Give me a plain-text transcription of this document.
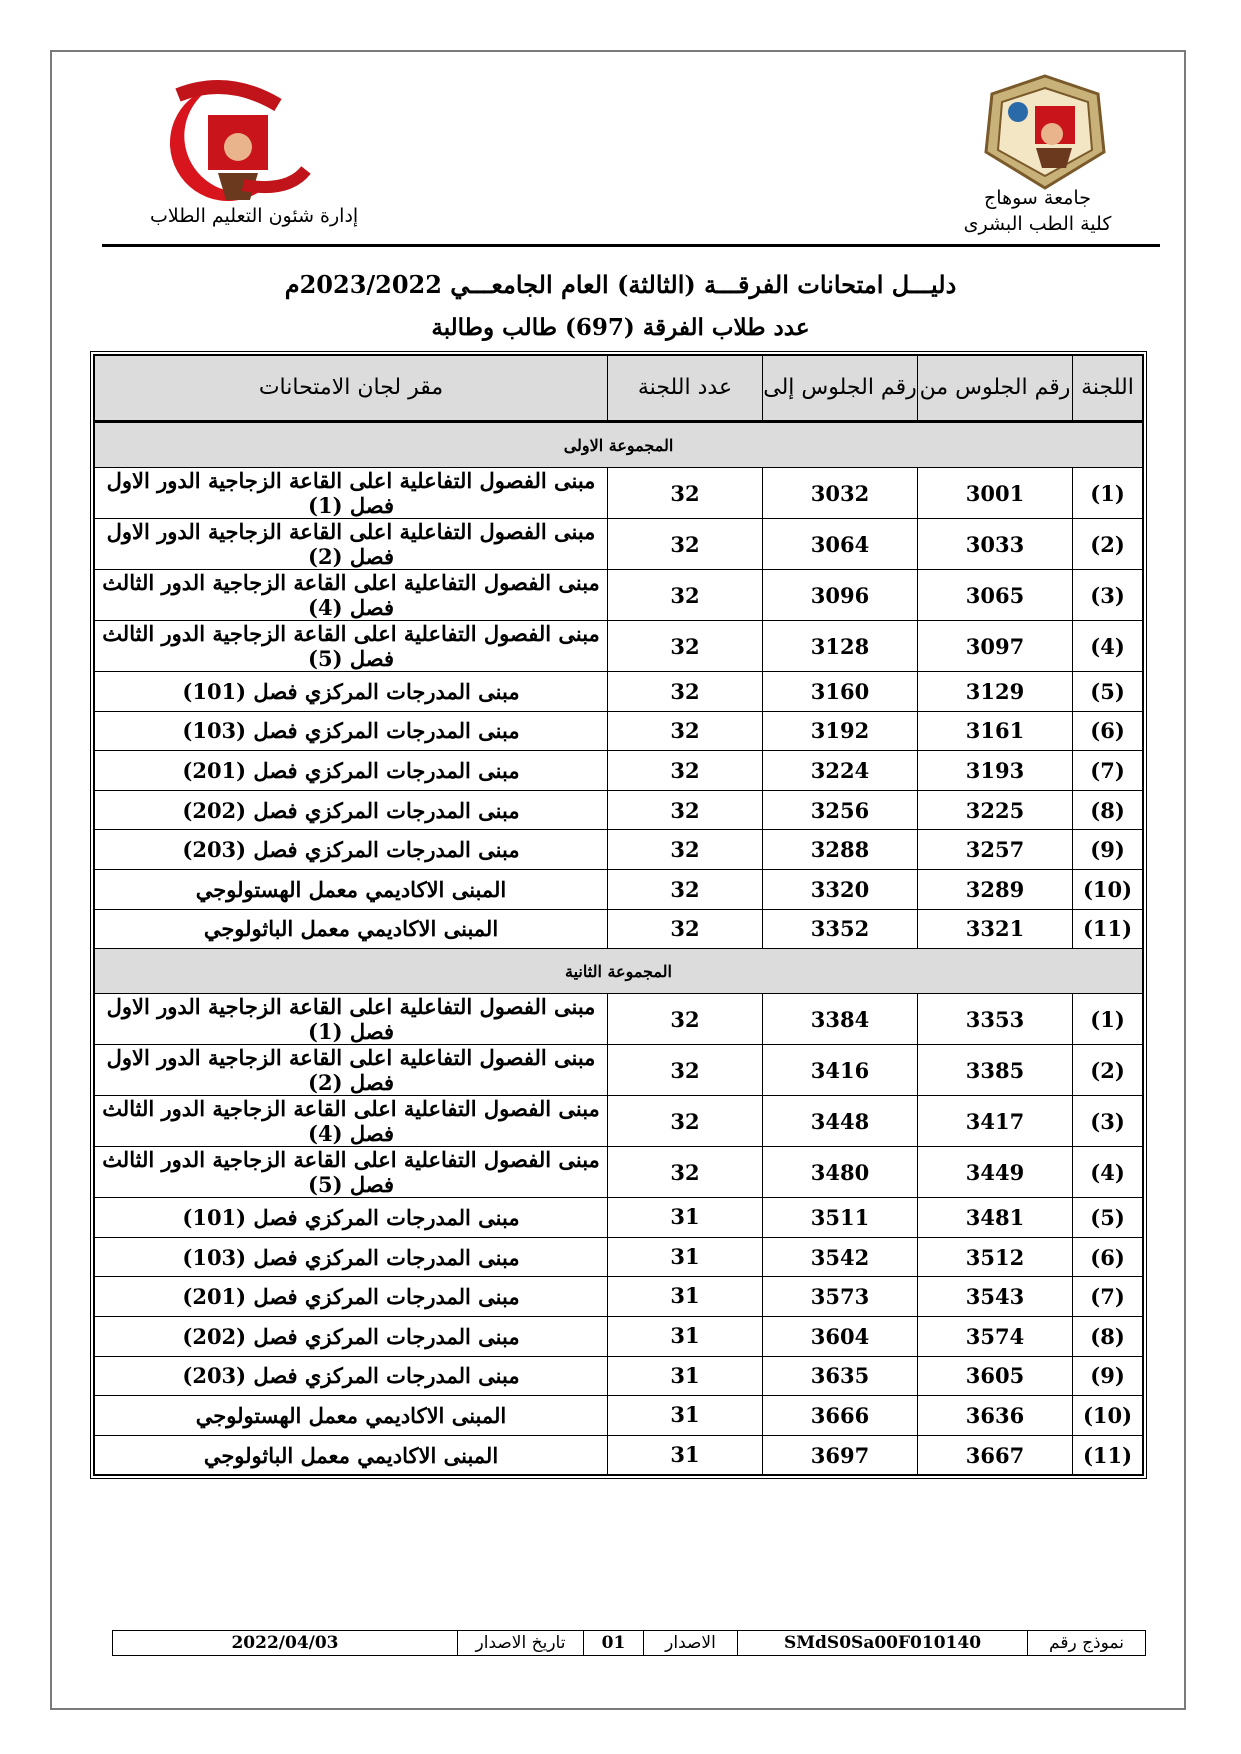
إدارة شئون التعليم الطلاب
جامعة سوهاج
كلية الطب البشرى
دليـــل امتحانات الفرقـــة (الثالثة) العام الجامعـــي 2023/2022م
عدد طلاب الفرقة (697) طالب وطالبة
اللجنة	رقم الجلوس من	رقم الجلوس إلى	عدد اللجنة	مقر لجان الامتحانات
المجموعة الاولى				
(1)	3001	3032	32	مبنى الفصول التفاعلية اعلى القاعة الزجاجية الدور الاول فصل (1)
(2)	3033	3064	32	مبنى الفصول التفاعلية اعلى القاعة الزجاجية الدور الاول فصل (2)
(3)	3065	3096	32	مبنى الفصول التفاعلية اعلى القاعة الزجاجية الدور الثالث فصل (4)
(4)	3097	3128	32	مبنى الفصول التفاعلية اعلى القاعة الزجاجية الدور الثالث فصل (5)
(5)	3129	3160	32	مبنى المدرجات المركزي فصل (101)
(6)	3161	3192	32	مبنى المدرجات المركزي فصل (103)
(7)	3193	3224	32	مبنى المدرجات المركزي فصل (201)
(8)	3225	3256	32	مبنى المدرجات المركزي فصل (202)
(9)	3257	3288	32	مبنى المدرجات المركزي فصل (203)
(10)	3289	3320	32	المبنى الاكاديمي معمل الهستولوجي
(11)	3321	3352	32	المبنى الاكاديمي معمل الباثولوجي
المجموعة الثانية				
(1)	3353	3384	32	مبنى الفصول التفاعلية اعلى القاعة الزجاجية الدور الاول فصل (1)
(2)	3385	3416	32	مبنى الفصول التفاعلية اعلى القاعة الزجاجية الدور الاول فصل (2)
(3)	3417	3448	32	مبنى الفصول التفاعلية اعلى القاعة الزجاجية الدور الثالث فصل (4)
(4)	3449	3480	32	مبنى الفصول التفاعلية اعلى القاعة الزجاجية الدور الثالث فصل (5)
(5)	3481	3511	31	مبنى المدرجات المركزي فصل (101)
(6)	3512	3542	31	مبنى المدرجات المركزي فصل (103)
(7)	3543	3573	31	مبنى المدرجات المركزي فصل (201)
(8)	3574	3604	31	مبنى المدرجات المركزي فصل (202)
(9)	3605	3635	31	مبنى المدرجات المركزي فصل (203)
(10)	3636	3666	31	المبنى الاكاديمي معمل الهستولوجي
(11)	3667	3697	31	المبنى الاكاديمي معمل الباثولوجي
نموذج رقم	SMdS0Sa00F010140	الاصدار	01	تاريخ الاصدار	2022/04/03
